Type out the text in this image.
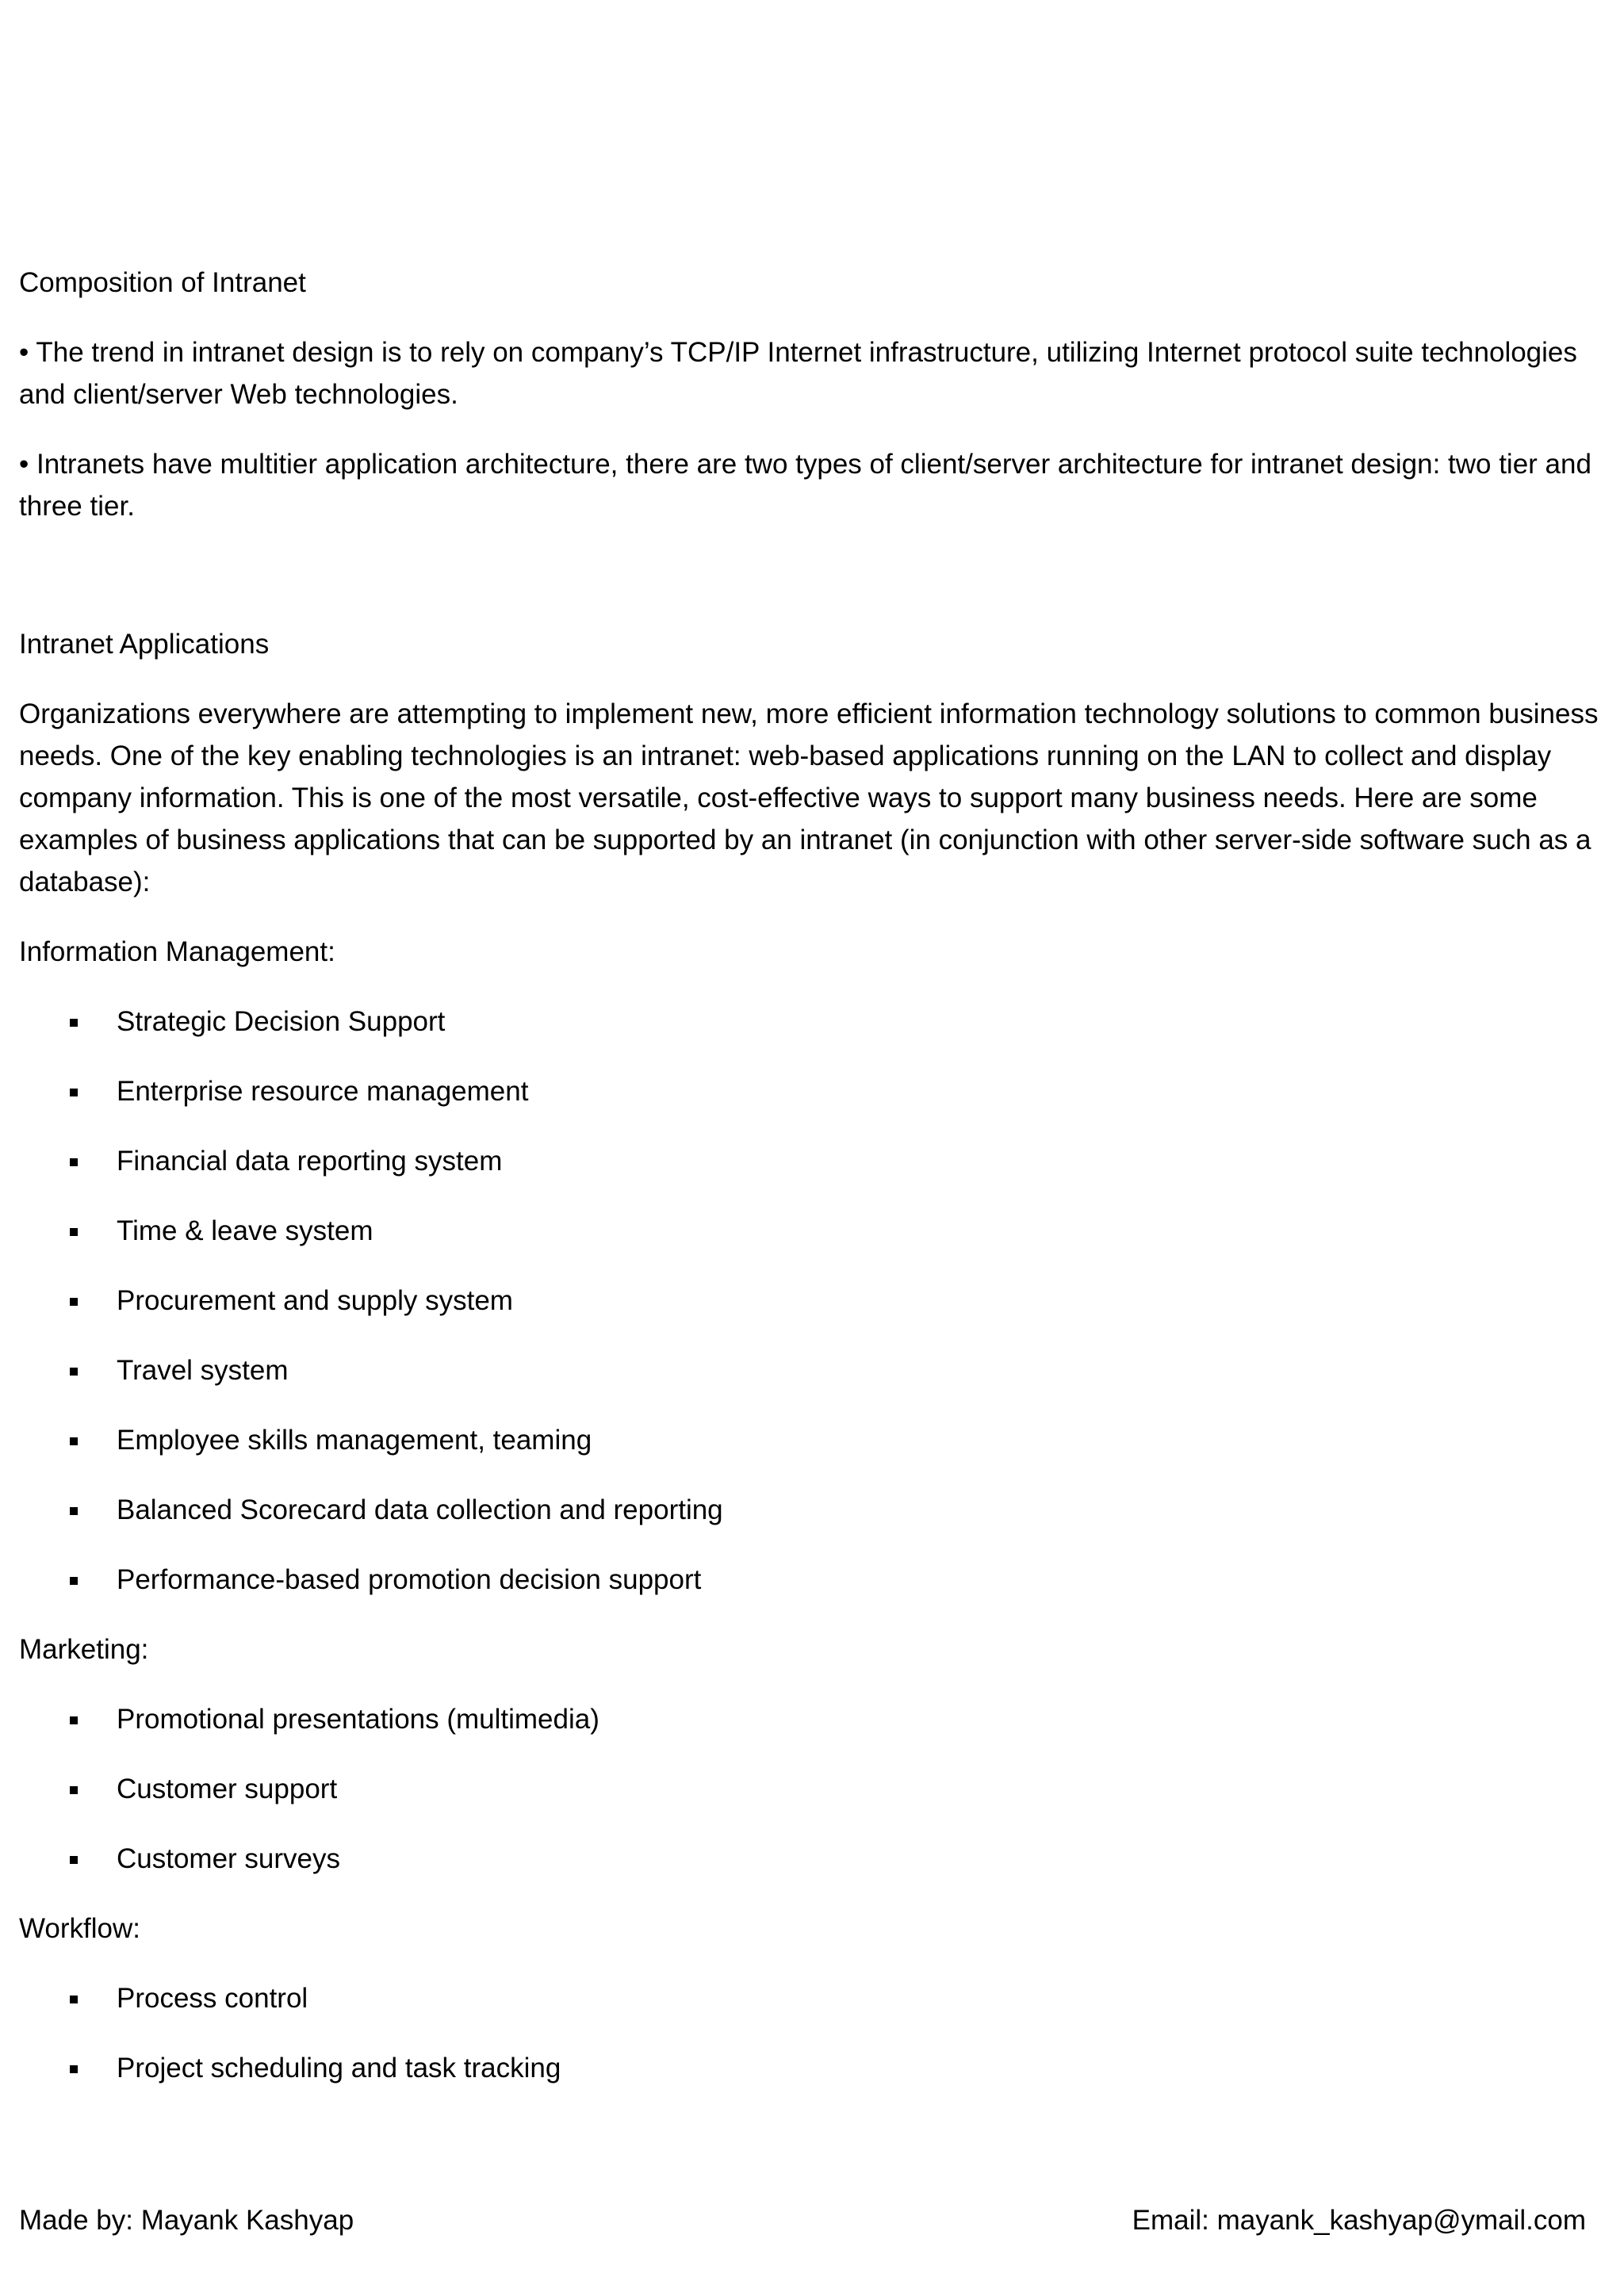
Composition of Intranet

• The trend in intranet design is to rely on company’s TCP/IP Internet infrastructure, utilizing Internet protocol suite technologies and client/server Web technologies.

• Intranets have multitier application architecture, there are two types of client/server architecture for intranet design: two tier and three tier.

Intranet Applications

Organizations everywhere are attempting to implement new, more efficient information technology solutions to common business needs. One of the key enabling technologies is an intranet: web-based applications running on the LAN to collect and display company information. This is one of the most versatile, cost-effective ways to support many business needs. Here are some examples of business applications that can be supported by an intranet (in conjunction with other server-side software such as a database):

Information Management:

Strategic Decision Support
Enterprise resource management
Financial data reporting system
Time & leave system
Procurement and supply system
Travel system
Employee skills management, teaming
Balanced Scorecard data collection and reporting
Performance-based promotion decision support

Marketing:

Promotional presentations (multimedia)
Customer support
Customer surveys

Workflow:

Process control
Project scheduling and task tracking
Made by: Mayank Kashyap	Email: mayank_kashyap@ymail.com
